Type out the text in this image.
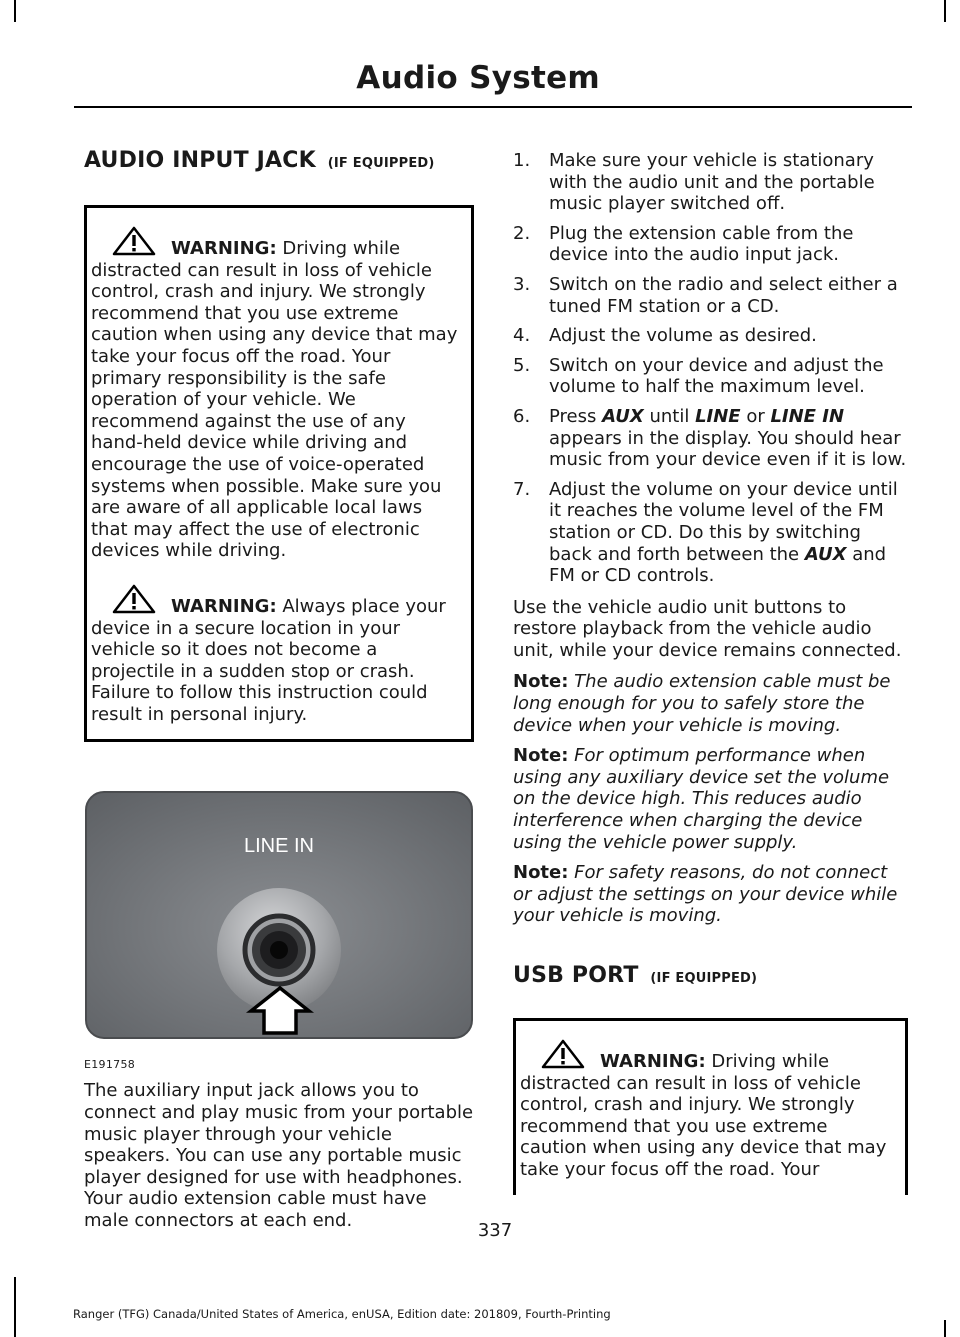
Audio System
AUDIO INPUT JACK (IF EQUIPPED)

WARNING: Driving while distracted can result in loss of vehicle control, crash and injury. We strongly recommend that you use extreme caution when using any device that may take your focus off the road. Your primary responsibility is the safe operation of your vehicle. We recommend against the use of any hand-held device while driving and encourage the use of voice-operated systems when possible. Make sure you are aware of all applicable local laws that may affect the use of electronic devices while driving.

WARNING: Always place your device in a secure location in your vehicle so it does not become a projectile in a sudden stop or crash. Failure to follow this instruction could result in personal injury.

LINE IN
E191758

The auxiliary input jack allows you to connect and play music from your portable music player through your vehicle speakers. You can use any portable music player designed for use with headphones. Your audio extension cable must have male connectors at each end.

1. Make sure your vehicle is stationary with the audio unit and the portable music player switched off.
2. Plug the extension cable from the device into the audio input jack.
3. Switch on the radio and select either a tuned FM station or a CD.
4. Adjust the volume as desired.
5. Switch on your device and adjust the volume to half the maximum level.
6. Press AUX until LINE or LINE IN appears in the display. You should hear music from your device even if it is low.
7. Adjust the volume on your device until it reaches the volume level of the FM station or CD. Do this by switching back and forth between the AUX and FM or CD controls.

Use the vehicle audio unit buttons to restore playback from the vehicle audio unit, while your device remains connected.

Note: The audio extension cable must be long enough for you to safely store the device when your vehicle is moving.

Note: For optimum performance when using any auxiliary device set the volume on the device high. This reduces audio interference when charging the device using the vehicle power supply.

Note: For safety reasons, do not connect or adjust the settings on your device while your vehicle is moving.

USB PORT (IF EQUIPPED)

WARNING: Driving while distracted can result in loss of vehicle control, crash and injury. We strongly recommend that you use extreme caution when using any device that may take your focus off the road. Your

337
Ranger (TFG) Canada/United States of America, enUSA, Edition date: 201809, Fourth-Printing
